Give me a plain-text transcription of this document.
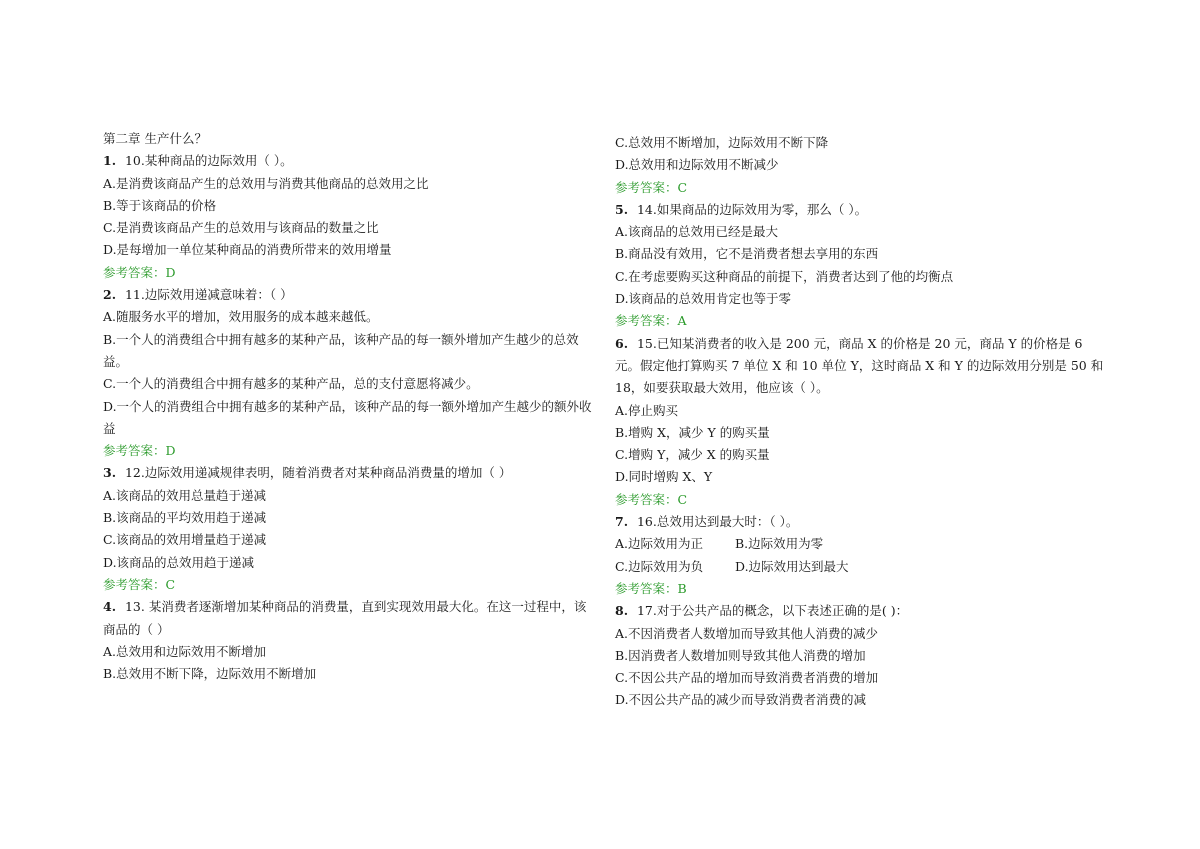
第二章 生产什么？
1. 10.某种商品的边际效用（ ）。
A.是消费该商品产生的总效用与消费其他商品的总效用之比
B.等于该商品的价格
C.是消费该商品产生的总效用与该商品的数量之比
D.是每增加一单位某种商品的消费所带来的效用增量
参考答案：D
2. 11.边际效用递减意味着：（ ）
A.随服务水平的增加，效用服务的成本越来越低。
B.一个人的消费组合中拥有越多的某种产品，该种产品的每一额外增加产生越少的总效益。
C.一个人的消费组合中拥有越多的某种产品，总的支付意愿将减少。
D.一个人的消费组合中拥有越多的某种产品，该种产品的每一额外增加产生越少的额外收益
参考答案：D
3. 12.边际效用递减规律表明，随着消费者对某种商品消费量的增加（ ）
A.该商品的效用总量趋于递减
B.该商品的平均效用趋于递减
C.该商品的效用增量趋于递减
D.该商品的总效用趋于递减
参考答案：C
4. 13. 某消费者逐渐增加某种商品的消费量，直到实现效用最大化。在这一过程中，该商品的（ ）
A.总效用和边际效用不断增加
B.总效用不断下降，边际效用不断增加
C.总效用不断增加，边际效用不断下降
D.总效用和边际效用不断减少
参考答案：C
5. 14.如果商品的边际效用为零，那么（ ）。
A.该商品的总效用已经是最大
B.商品没有效用，它不是消费者想去享用的东西
C.在考虑要购买这种商品的前提下，消费者达到了他的均衡点
D.该商品的总效用肯定也等于零
参考答案：A
6. 15.已知某消费者的收入是 200 元，商品 X 的价格是 20 元，商品 Y 的价格是 6 元。假定他打算购买 7 单位 X 和 10 单位 Y，这时商品 X 和 Y 的边际效用分别是 50 和 18，如要获取最大效用，他应该（ ）。
A.停止购买
B.增购 X，减少 Y 的购买量
C.增购 Y，减少 X 的购买量
D.同时增购 X、Y
参考答案：C
7. 16.总效用达到最大时：（ ）。
A.边际效用为正	B.边际效用为零
C.边际效用为负	D.边际效用达到最大
参考答案：B
8. 17.对于公共产品的概念，以下表述正确的是( )：
A.不因消费者人数增加而导致其他人消费的减少
B.因消费者人数增加则导致其他人消费的增加
C.不因公共产品的增加而导致消费者消费的增加
D.不因公共产品的减少而导致消费者消费的减
